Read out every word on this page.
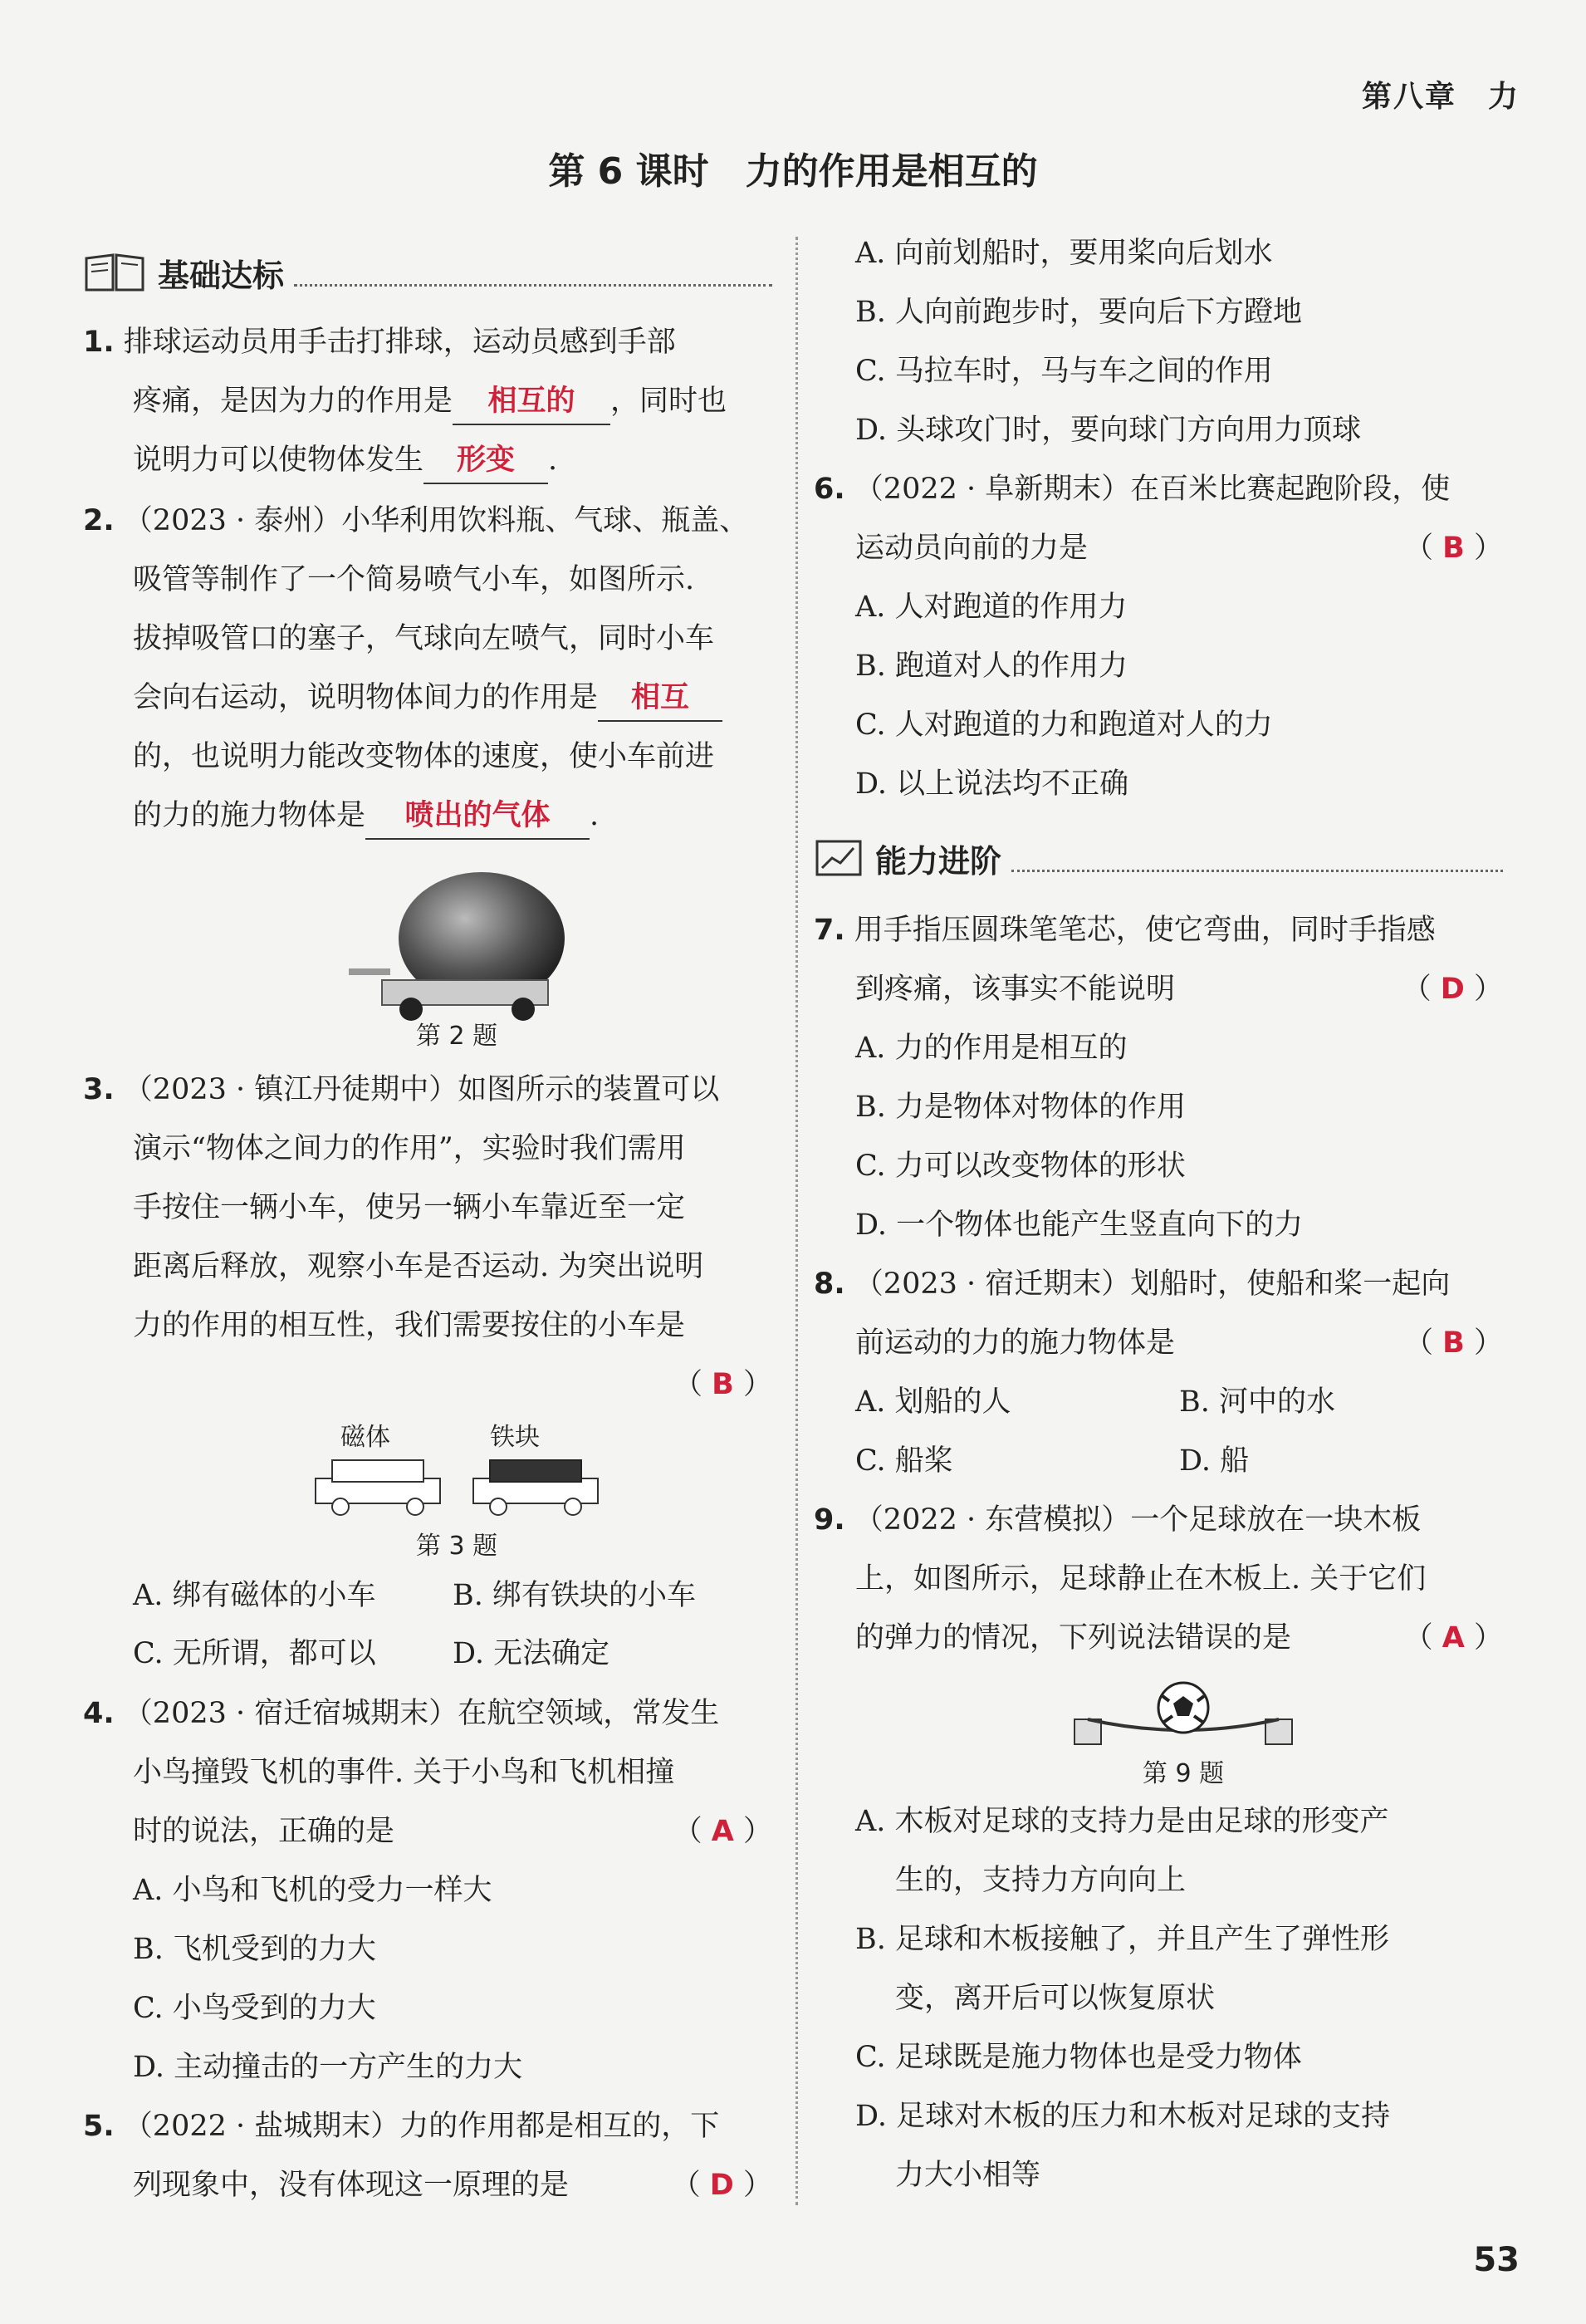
第八章　力
第 6 课时　力的作用是相互的
基础达标
1. 排球运动员用手击打排球，运动员感到手部
疼痛，是因为力的作用是 相互的 ，同时也
说明力可以使物体发生 形变 .
2. （2023 · 泰州）小华利用饮料瓶、气球、瓶盖、
吸管等制作了一个简易喷气小车，如图所示.
拔掉吸管口的塞子，气球向左喷气，同时小车
会向右运动，说明物体间力的作用是 相互
的，也说明力能改变物体的速度，使小车前进
的力的施力物体是 喷出的气体 .
第 2 题
3. （2023 · 镇江丹徒期中）如图所示的装置可以
演示“物体之间力的作用”，实验时我们需用
手按住一辆小车，使另一辆小车靠近至一定
距离后释放，观察小车是否运动. 为突出说明
力的作用的相互性，我们需要按住的小车是
（ B ）
磁体	铁块
第 3 题
A. 绑有磁体的小车	B. 绑有铁块的小车
C. 无所谓，都可以	D. 无法确定
4. （2023 · 宿迁宿城期末）在航空领域，常发生
小鸟撞毁飞机的事件. 关于小鸟和飞机相撞
时的说法，正确的是	（ A ）
A. 小鸟和飞机的受力一样大
B. 飞机受到的力大
C. 小鸟受到的力大
D. 主动撞击的一方产生的力大
5. （2022 · 盐城期末）力的作用都是相互的，下
列现象中，没有体现这一原理的是	（ D ）
A. 向前划船时，要用桨向后划水
B. 人向前跑步时，要向后下方蹬地
C. 马拉车时，马与车之间的作用
D. 头球攻门时，要向球门方向用力顶球
6. （2022 · 阜新期末）在百米比赛起跑阶段，使
运动员向前的力是	（ B ）
A. 人对跑道的作用力
B. 跑道对人的作用力
C. 人对跑道的力和跑道对人的力
D. 以上说法均不正确
能力进阶
7. 用手指压圆珠笔笔芯，使它弯曲，同时手指感
到疼痛，该事实不能说明	（ D ）
A. 力的作用是相互的
B. 力是物体对物体的作用
C. 力可以改变物体的形状
D. 一个物体也能产生竖直向下的力
8. （2023 · 宿迁期末）划船时，使船和桨一起向
前运动的力的施力物体是	（ B ）
A. 划船的人	B. 河中的水
C. 船桨	D. 船
9. （2022 · 东营模拟）一个足球放在一块木板
上，如图所示，足球静止在木板上. 关于它们
的弹力的情况，下列说法错误的是	（ A ）
第 9 题
A. 木板对足球的支持力是由足球的形变产
生的，支持力方向向上
B. 足球和木板接触了，并且产生了弹性形
变，离开后可以恢复原状
C. 足球既是施力物体也是受力物体
D. 足球对木板的压力和木板对足球的支持
力大小相等
53
